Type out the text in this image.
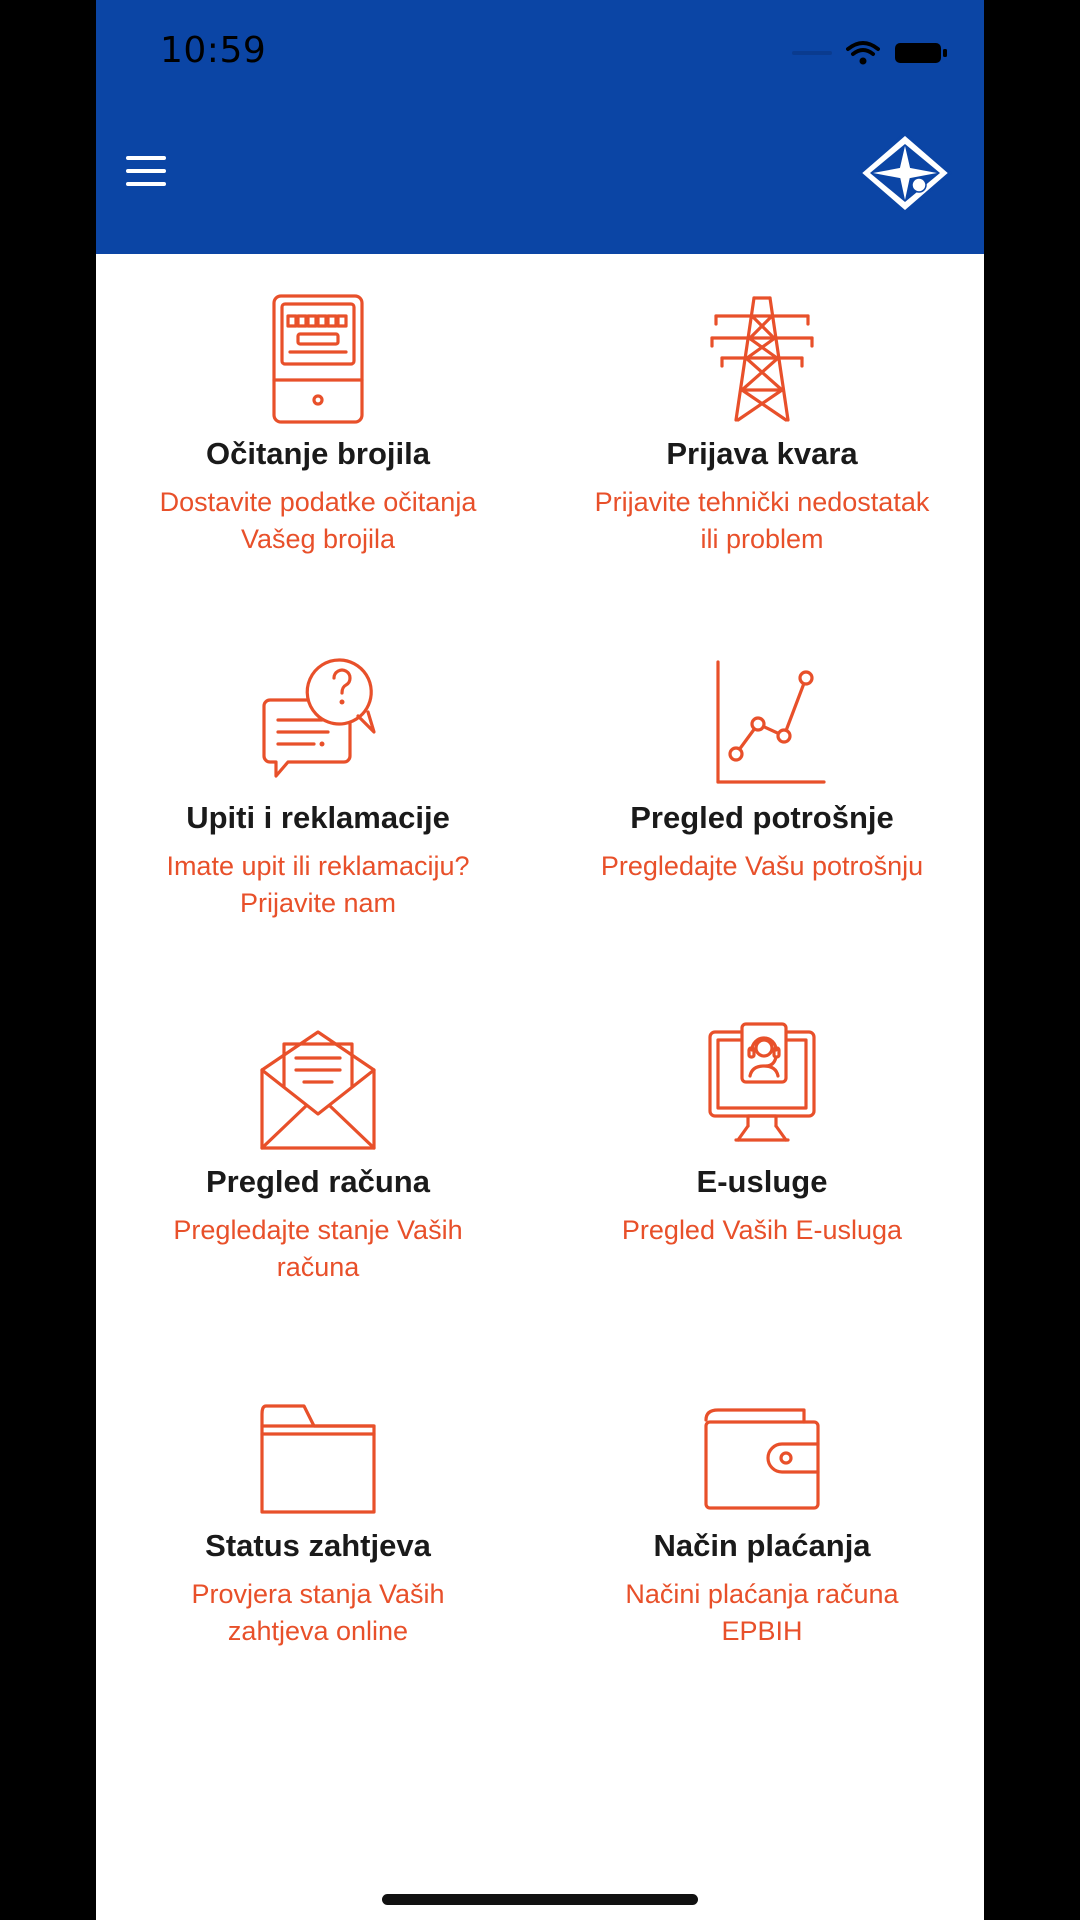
10:59
Očitanje brojila
Dostavite podatke očitanja Vašeg brojila
Prijava kvara
Prijavite tehnički nedostatak ili problem
Upiti i reklamacije
Imate upit ili reklamaciju? Prijavite nam
Pregled potrošnje
Pregledajte Vašu potrošnju
Pregled računa
Pregledajte stanje Vaših računa
E-usluge
Pregled Vaših E-usluga
Status zahtjeva
Provjera stanja Vaših zahtjeva online
Način plaćanja
Načini plaćanja računa EPBIH
